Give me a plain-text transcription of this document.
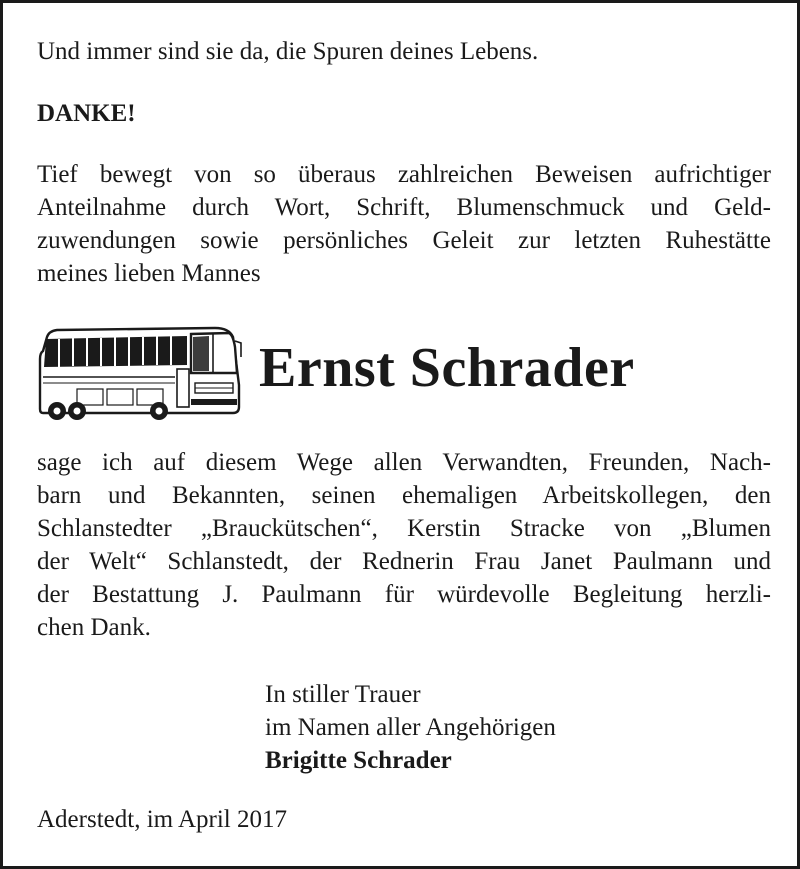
Und immer sind sie da, die Spuren deines Lebens.

DANKE!

Tief bewegt von so überaus zahlreichen Beweisen aufrichtiger
Anteilnahme durch Wort, Schrift, Blumenschmuck und Geld-
zuwendungen sowie persönliches Geleit zur letzten Ruhestätte
meines lieben Mannes
Ernst Schrader
sage ich auf diesem Wege allen Verwandten, Freunden, Nach-
barn und Bekannten, seinen ehemaligen Arbeitskollegen, den
Schlanstedter „Brauckütschen“, Kerstin Stracke von „Blumen
der Welt“ Schlanstedt, der Rednerin Frau Janet Paulmann und
der Bestattung J. Paulmann für würdevolle Begleitung herzli-
chen Dank.
In stiller Trauer
im Namen aller Angehörigen
Brigitte Schrader

Aderstedt, im April 2017
